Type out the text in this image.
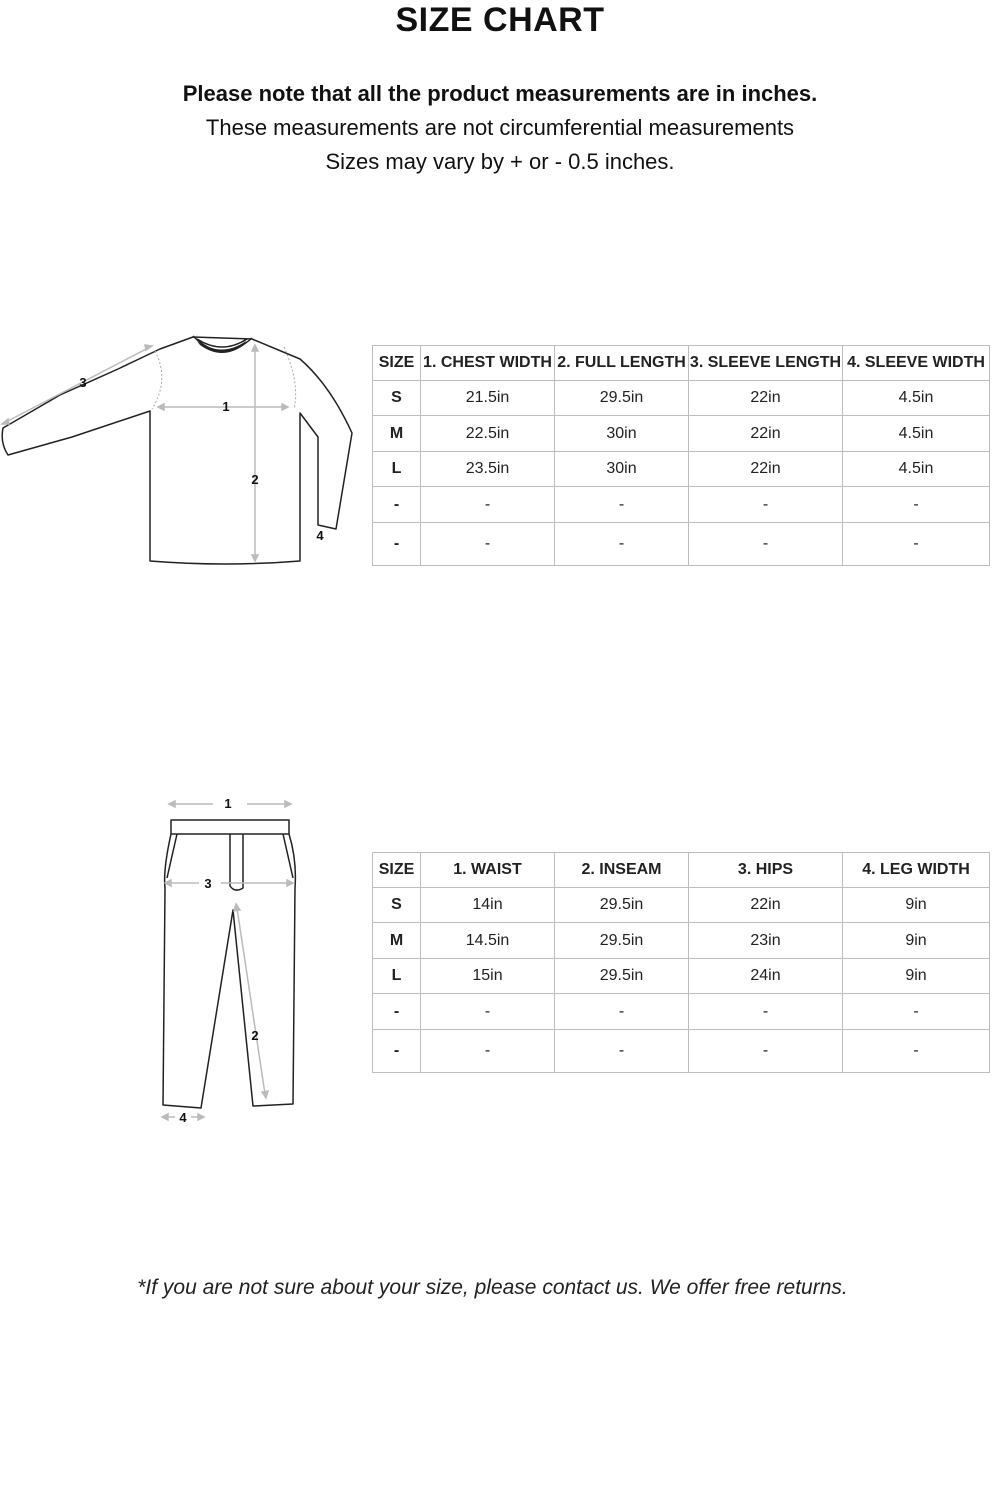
SIZE CHART
Please note that all the product measurements are in inches.
These measurements are not circumferential measurements
Sizes may vary by + or - 0.5 inches.
1
2
3
4
SIZE	1. CHEST WIDTH	2. FULL LENGTH	3. SLEEVE LENGTH	4. SLEEVE WIDTH
S	21.5in	29.5in	22in	4.5in
M	22.5in	30in	22in	4.5in
L	23.5in	30in	22in	4.5in
-	-	-	-	-
-	-	-	-	-
1
2
3
4
SIZE	1. WAIST	2. INSEAM	3. HIPS	4. LEG WIDTH
S	14in	29.5in	22in	9in
M	14.5in	29.5in	23in	9in
L	15in	29.5in	24in	9in
-	-	-	-	-
-	-	-	-	-
*If you are not sure about your size, please contact us. We offer free returns.
